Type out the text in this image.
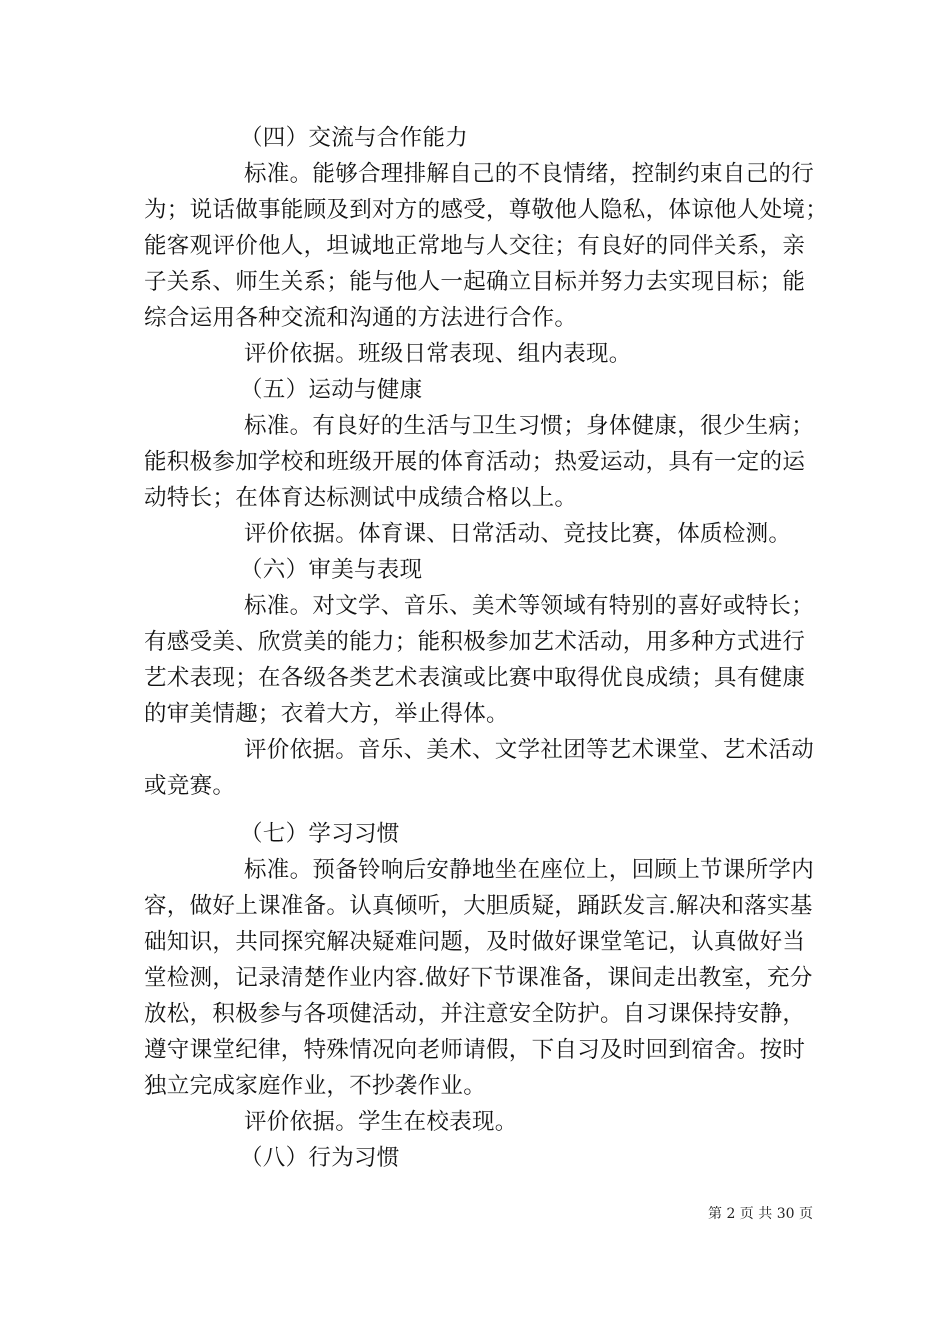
（四）交流与合作能力
标准。能够合理排解自己的不良情绪，控制约束自己的行
为；说话做事能顾及到对方的感受，尊敬他人隐私，体谅他人处境；
能客观评价他人，坦诚地正常地与人交往；有良好的同伴关系，亲
子关系、师生关系；能与他人一起确立目标并努力去实现目标；能
综合运用各种交流和沟通的方法进行合作。
评价依据。班级日常表现、组内表现。
（五）运动与健康
标准。有良好的生活与卫生习惯；身体健康，很少生病；
能积极参加学校和班级开展的体育活动；热爱运动，具有一定的运
动特长；在体育达标测试中成绩合格以上。
评价依据。体育课、日常活动、竞技比赛，体质检测。
（六）审美与表现
标准。对文学、音乐、美术等领域有特别的喜好或特长；
有感受美、欣赏美的能力；能积极参加艺术活动，用多种方式进行
艺术表现；在各级各类艺术表演或比赛中取得优良成绩；具有健康
的审美情趣；衣着大方，举止得体。
评价依据。音乐、美术、文学社团等艺术课堂、艺术活动
或竞赛。
（七）学习习惯
标准。预备铃响后安静地坐在座位上，回顾上节课所学内
容，做好上课准备。认真倾听，大胆质疑，踊跃发言.解决和落实基
础知识，共同探究解决疑难问题，及时做好课堂笔记，认真做好当
堂检测，记录清楚作业内容.做好下节课准备，课间走出教室，充分
放松，积极参与各项健活动，并注意安全防护。自习课保持安静，
遵守课堂纪律，特殊情况向老师请假，下自习及时回到宿舍。按时
独立完成家庭作业，不抄袭作业。
评价依据。学生在校表现。
（八）行为习惯
第 2 页 共 30 页
